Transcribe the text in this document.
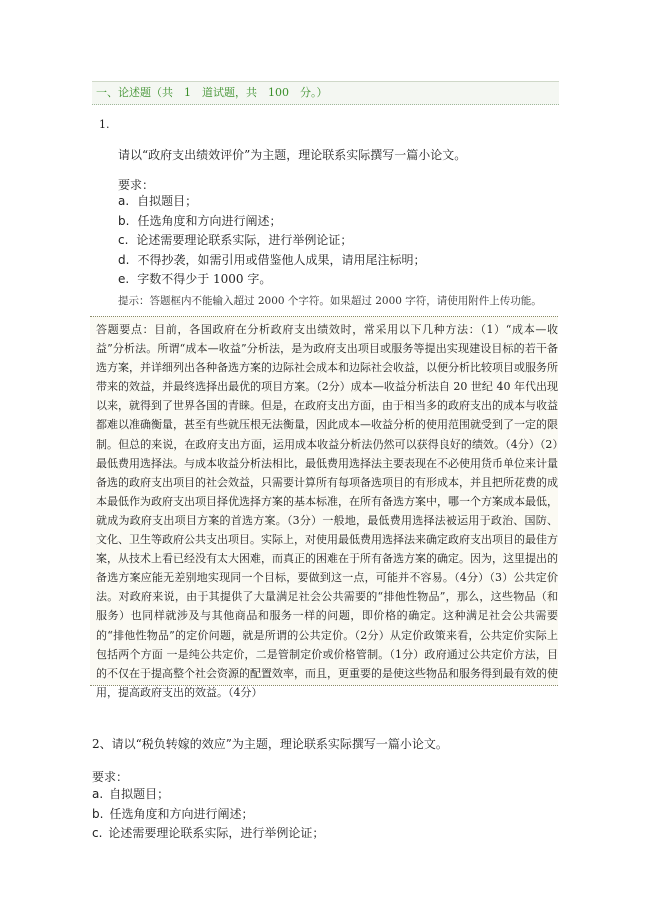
一、论述题（共　1　道试题，共　100　分。）
1.
请以“政府支出绩效评价”为主题，理论联系实际撰写一篇小论文。
要求：
a. 自拟题目；
b. 任选角度和方向进行阐述；
c. 论述需要理论联系实际，进行举例论证；
d. 不得抄袭，如需引用或借鉴他人成果，请用尾注标明；
e. 字数不得少于 1000 字。
提示：答题框内不能输入超过 2000 个字符。如果超过 2000 字符，请使用附件上传功能。

答题要点：目前，各国政府在分析政府支出绩效时，常采用以下几种方法：（1）“成本—收益”分析法。所谓“成本—收益”分析法，是为政府支出项目或服务等提出实现建设目标的若干备选方案，并详细列出各种备选方案的边际社会成本和边际社会收益，以便分析比较项目或服务所带来的效益，并最终选择出最优的项目方案。（2分）成本—收益分析法自 20 世纪 40 年代出现以来，就得到了世界各国的青睐。但是，在政府支出方面，由于相当多的政府支出的成本与收益都难以准确衡量，甚至有些就压根无法衡量，因此成本—收益分析的使用范围就受到了一定的限制。但总的来说，在政府支出方面，运用成本收益分析法仍然可以获得良好的绩效。（4分）（2）最低费用选择法。与成本收益分析法相比，最低费用选择法主要表现在不必使用货币单位来计量备选的政府支出项目的社会效益，只需要计算所有每项备选项目的有形成本，并且把所花费的成本最低作为政府支出项目择优选择方案的基本标准，在所有备选方案中，哪一个方案成本最低，就成为政府支出项目方案的首选方案。（3分）一般地，最低费用选择法被运用于政治、国防、文化、卫生等政府公共支出项目。实际上，对使用最低费用选择法来确定政府支出项目的最佳方案，从技术上看已经没有太大困难，而真正的困难在于所有备选方案的确定。因为，这里提出的备选方案应能无差别地实现同一个目标，要做到这一点，可能并不容易。（4分）（3）公共定价法。对政府来说，由于其提供了大量满足社会公共需要的“排他性物品”，那么，这些物品（和服务）也同样就涉及与其他商品和服务一样的问题，即价格的确定。这种满足社会公共需要的“排他性物品”的定价问题，就是所谓的公共定价。（2分）从定价政策来看，公共定价实际上包括两个方面 一是纯公共定价，二是管制定价或价格管制。（1分）政府通过公共定价方法，目的不仅在于提高整个社会资源的配置效率，而且，更重要的是使这些物品和服务得到最有效的使用，提高政府支出的效益。（4分）

2、请以“税负转嫁的效应”为主题，理论联系实际撰写一篇小论文。
要求：
a. 自拟题目；
b. 任选角度和方向进行阐述；
c. 论述需要理论联系实际，进行举例论证；
